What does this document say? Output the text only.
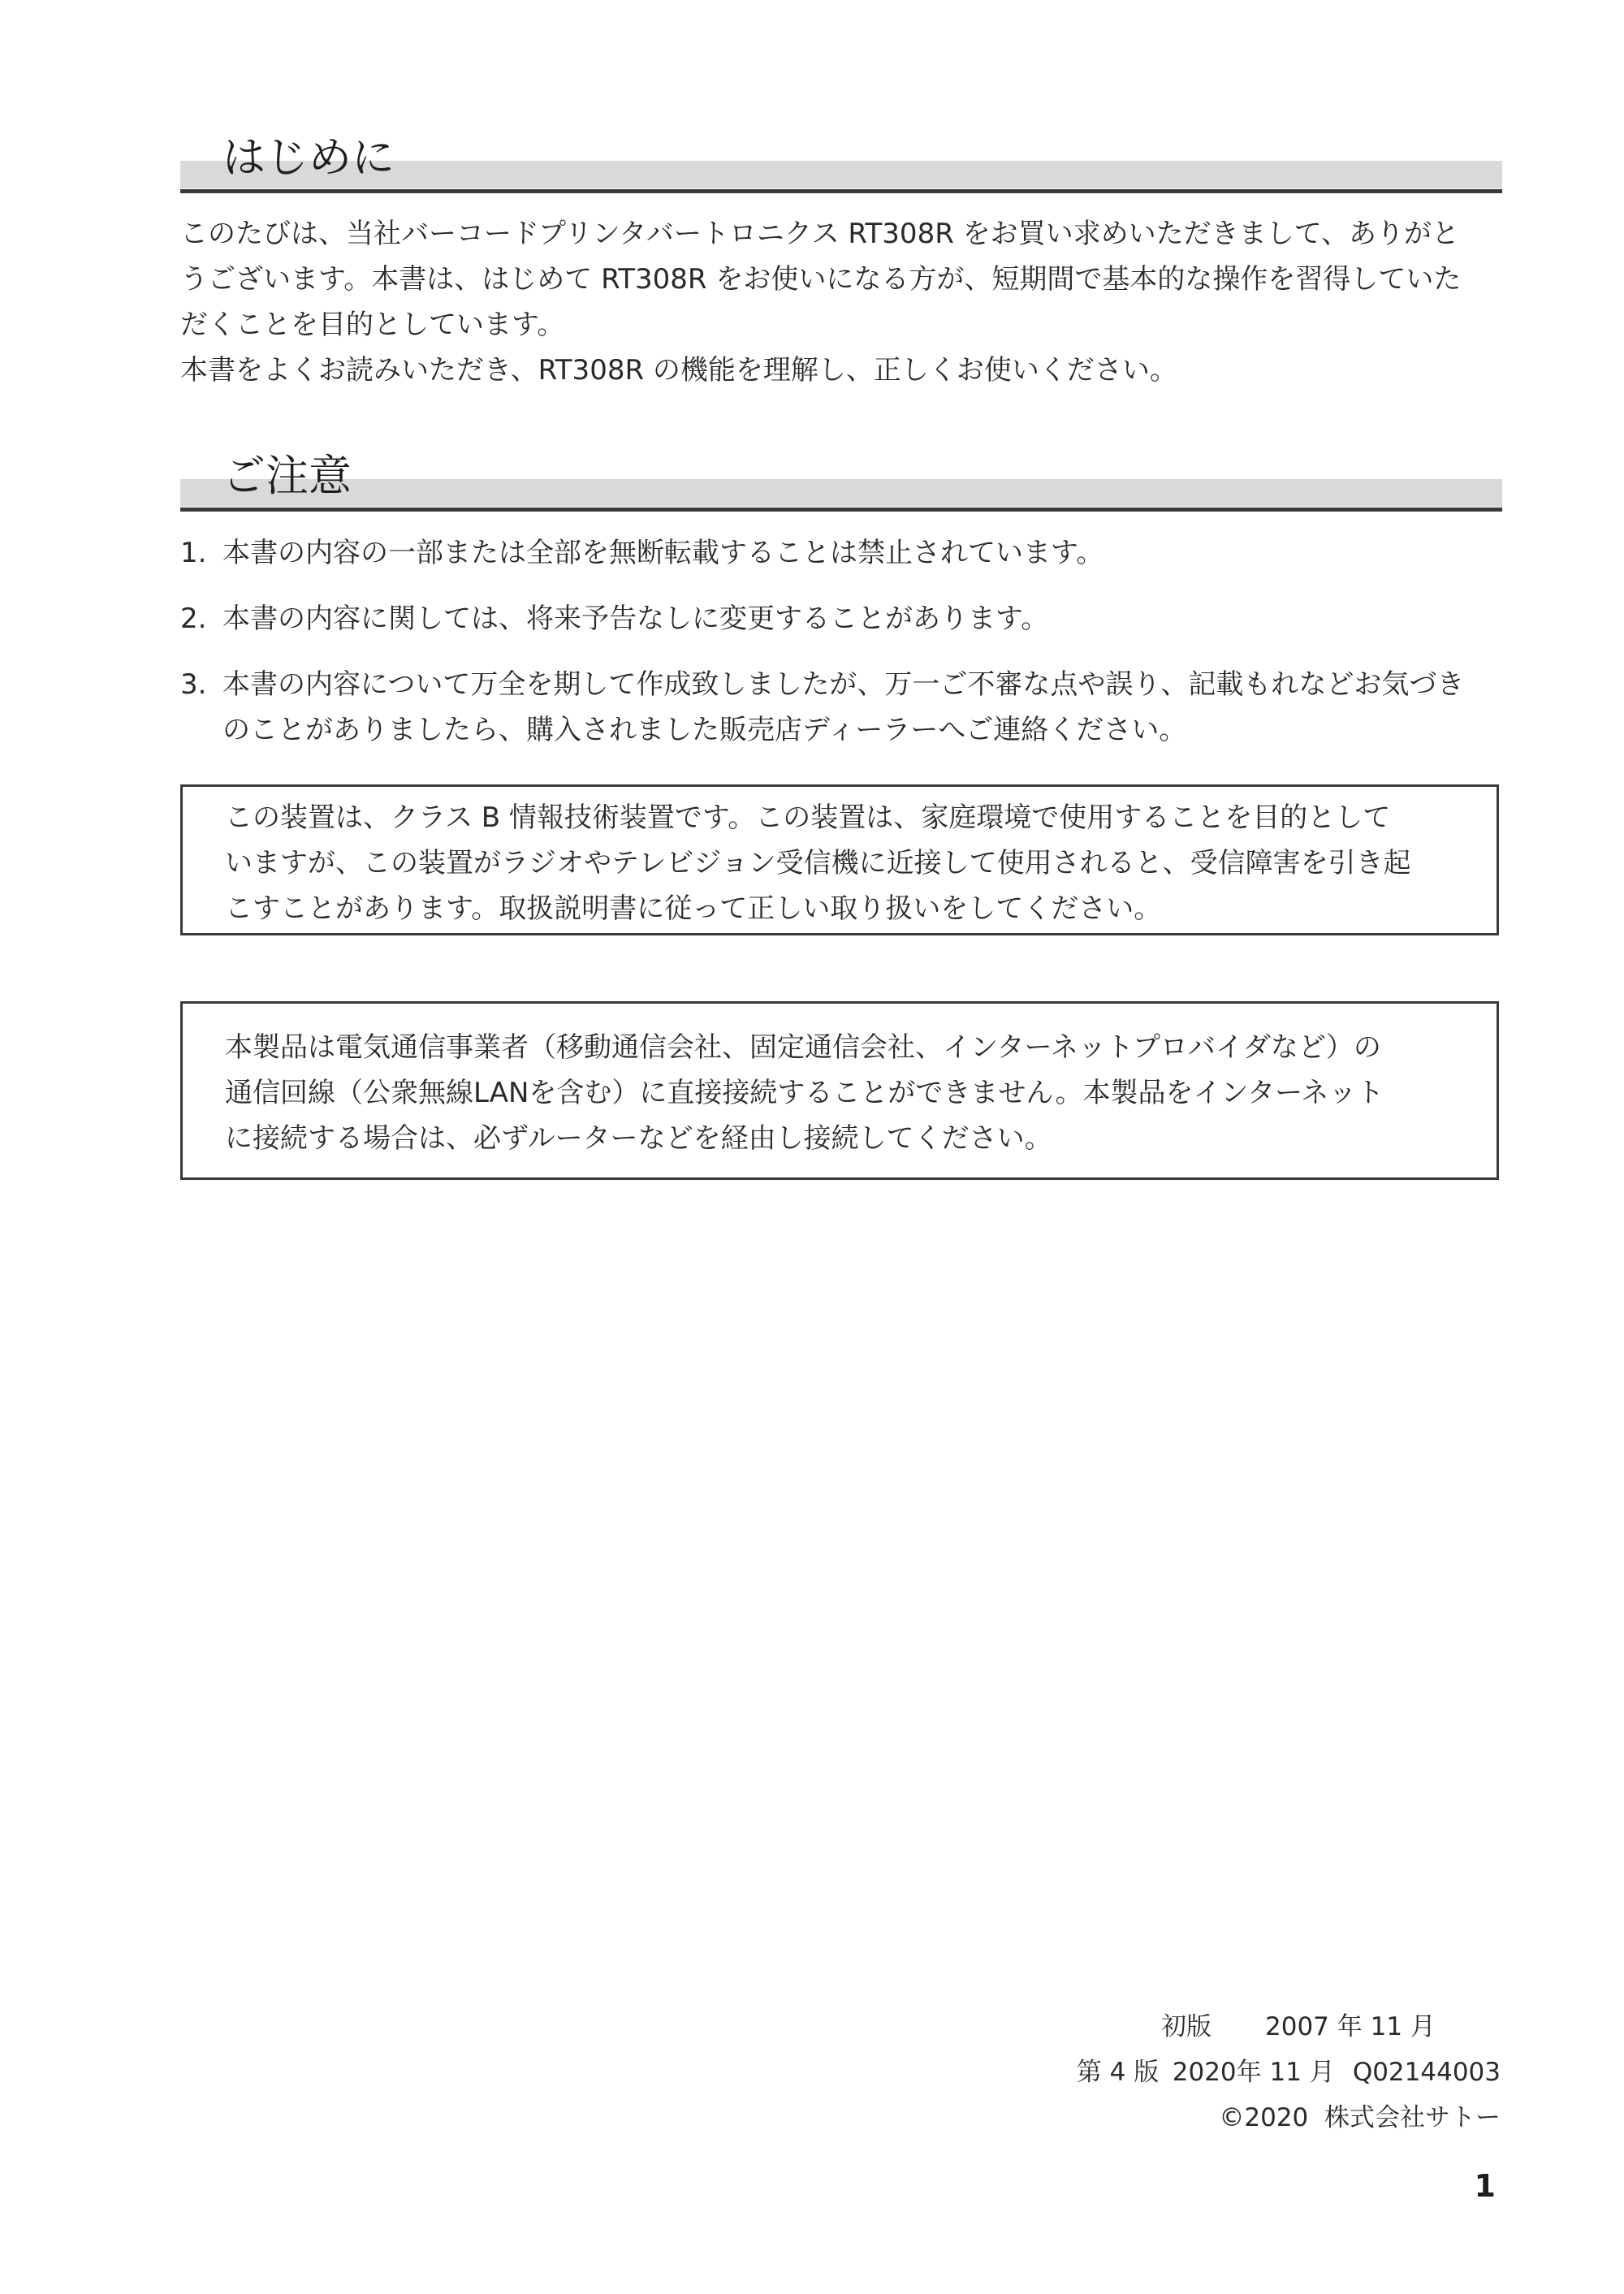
はじめに
このたびは、当社バーコードプリンタバートロニクス RT308R をお買い求めいただきまして、ありがと
うございます。本書は、はじめて RT308R をお使いになる方が、短期間で基本的な操作を習得していた
だくことを目的としています。
本書をよくお読みいただき、RT308R の機能を理解し、正しくお使いください。
ご注意
1. 本書の内容の一部または全部を無断転載することは禁止されています。
2. 本書の内容に関しては、将来予告なしに変更することがあります。
3. 本書の内容について万全を期して作成致しましたが、万一ご不審な点や誤り、記載もれなどお気づき
のことがありましたら、購入されました販売店ディーラーへご連絡ください。
この装置は、クラス B 情報技術装置です。この装置は、家庭環境で使用することを目的として
いますが、この装置がラジオやテレビジョン受信機に近接して使用されると、受信障害を引き起
こすことがあります。取扱説明書に従って正しい取り扱いをしてください。
本製品は電気通信事業者（移動通信会社、固定通信会社、インターネットプロバイダなど）の
通信回線（公衆無線LANを含む）に直接接続することができません。本製品をインターネット
に接続する場合は、必ずルーターなどを経由し接続してください。
初版	2007 年 11 月
第 4 版 2020年 11 月 Q02144003
©2020  株式会社サトー
1
